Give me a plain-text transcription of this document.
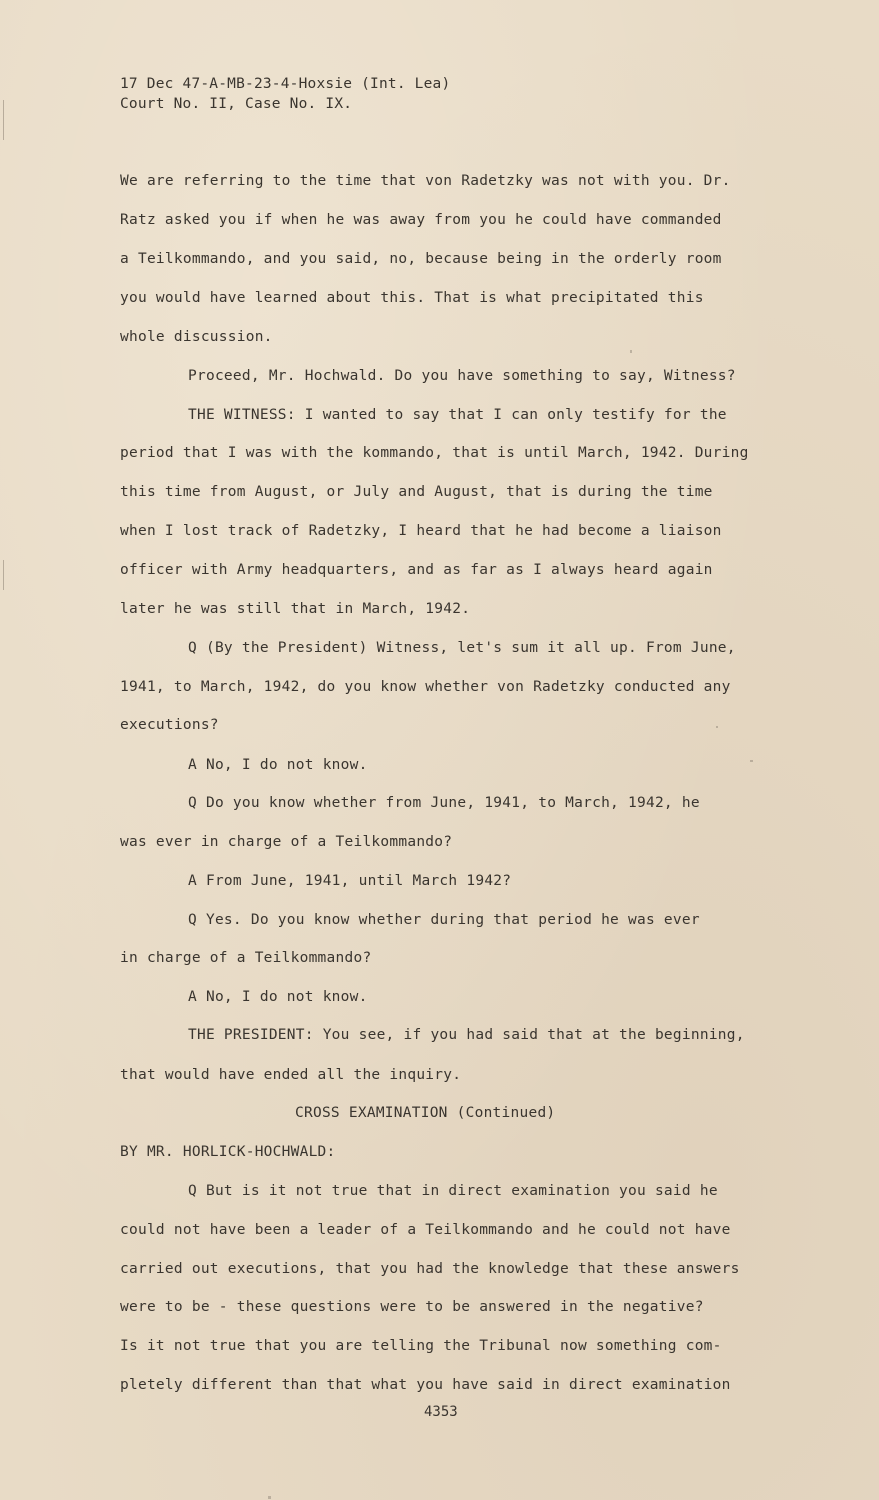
17 Dec 47-A-MB-23-4-Hoxsie (Int. Lea)
Court No. II, Case No. IX.
We are referring to the time that von Radetzky was not with you. Dr.
Ratz asked you if when he was away from you he could have commanded
a Teilkommando, and you said, no, because being in the orderly room
you would have learned about this. That is what precipitated this
whole discussion.
Proceed, Mr. Hochwald. Do you have something to say, Witness?
THE WITNESS: I wanted to say that I can only testify for the
period that I was with the kommando, that is until March, 1942. During
this time from August, or July and August, that is during the time
when I lost track of Radetzky, I heard that he had become a liaison
officer with Army headquarters, and as far as I always heard again
later he was still that in March, 1942.
Q (By the President) Witness, let's sum it all up. From June,
1941, to March, 1942, do you know whether von Radetzky conducted any
executions?
A No, I do not know.
Q Do you know whether from June, 1941, to March, 1942, he
was ever in charge of a Teilkommando?
A From June, 1941, until March 1942?
Q Yes. Do you know whether during that period he was ever
in charge of a Teilkommando?
A No, I do not know.
THE PRESIDENT: You see, if you had said that at the beginning,
that would have ended all the inquiry.
CROSS EXAMINATION (Continued)
BY MR. HORLICK-HOCHWALD:
Q But is it not true that in direct examination you said he
could not have been a leader of a Teilkommando and he could not have
carried out executions, that you had the knowledge that these answers
were to be - these questions were to be answered in the negative?
Is it not true that you are telling the Tribunal now something com-
pletely different than that what you have said in direct examination
4353
